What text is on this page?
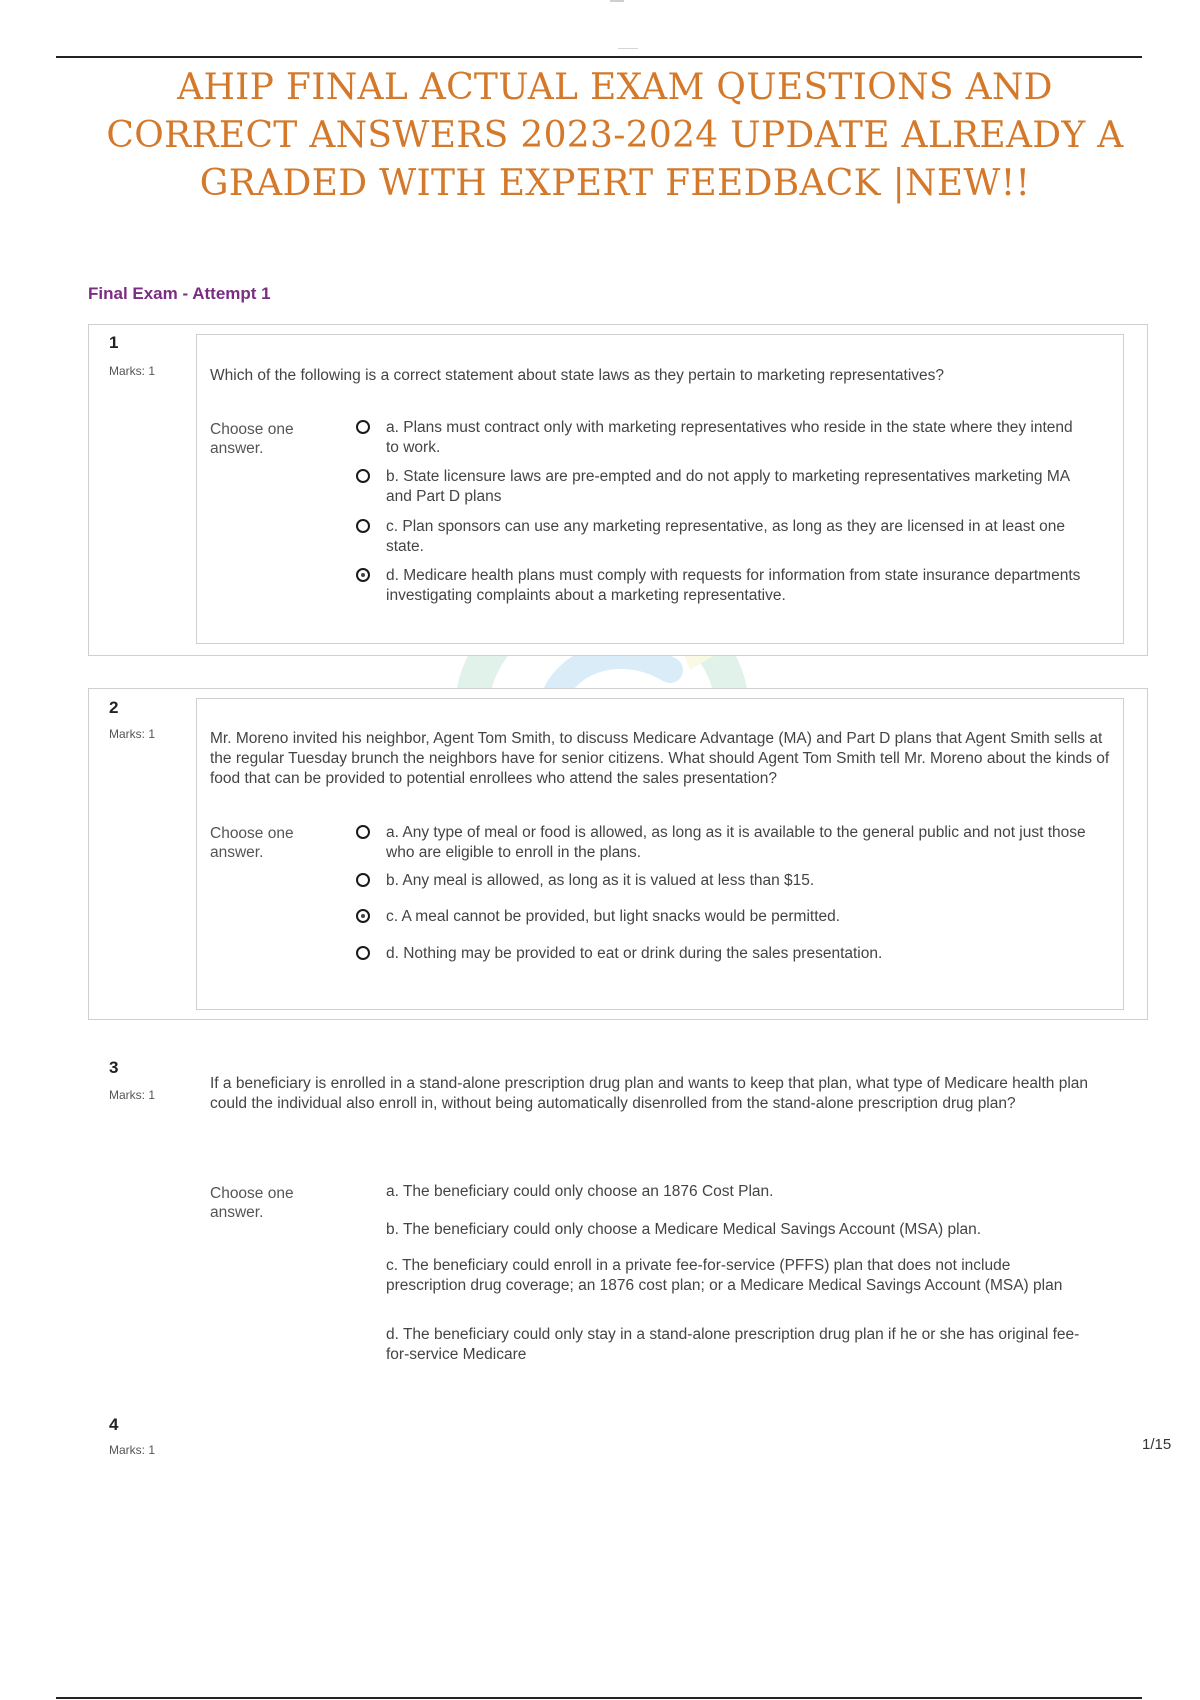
AHIP FINAL ACTUAL EXAM QUESTIONS AND CORRECT ANSWERS 2023-2024 UPDATE ALREADY A GRADED WITH EXPERT FEEDBACK |NEW!!
Final Exam - Attempt 1
1
Marks: 1	Which of the following is a correct statement about state laws as they pertain to marketing representatives?
Choose one answer.
a. Plans must contract only with marketing representatives who reside in the state where they intend to work.
b. State licensure laws are pre-empted and do not apply to marketing representatives marketing MA and Part D plans
c. Plan sponsors can use any marketing representative, as long as they are licensed in at least one state.
d. Medicare health plans must comply with requests for information from state insurance departments investigating complaints about a marketing representative.
2
Marks: 1	Mr. Moreno invited his neighbor, Agent Tom Smith, to discuss Medicare Advantage (MA) and Part D plans that Agent Smith sells at the regular Tuesday brunch the neighbors have for senior citizens. What should Agent Tom Smith tell Mr. Moreno about the kinds of food that can be provided to potential enrollees who attend the sales presentation?
Choose one answer.
a. Any type of meal or food is allowed, as long as it is available to the general public and not just those who are eligible to enroll in the plans.
b. Any meal is allowed, as long as it is valued at less than $15.
c. A meal cannot be provided, but light snacks would be permitted.
d. Nothing may be provided to eat or drink during the sales presentation.
3
Marks: 1
If a beneficiary is enrolled in a stand-alone prescription drug plan and wants to keep that plan, what type of Medicare health plan could the individual also enroll in, without being automatically disenrolled from the stand-alone prescription drug plan?
Choose one answer.
a. The beneficiary could only choose an 1876 Cost Plan.
b. The beneficiary could only choose a Medicare Medical Savings Account (MSA) plan.
c. The beneficiary could enroll in a private fee-for-service (PFFS) plan that does not include prescription drug coverage; an 1876 cost plan; or a Medicare Medical Savings Account (MSA) plan
d. The beneficiary could only stay in a stand-alone prescription drug plan if he or she has original fee-for-service Medicare
4
Marks: 1	1/15
